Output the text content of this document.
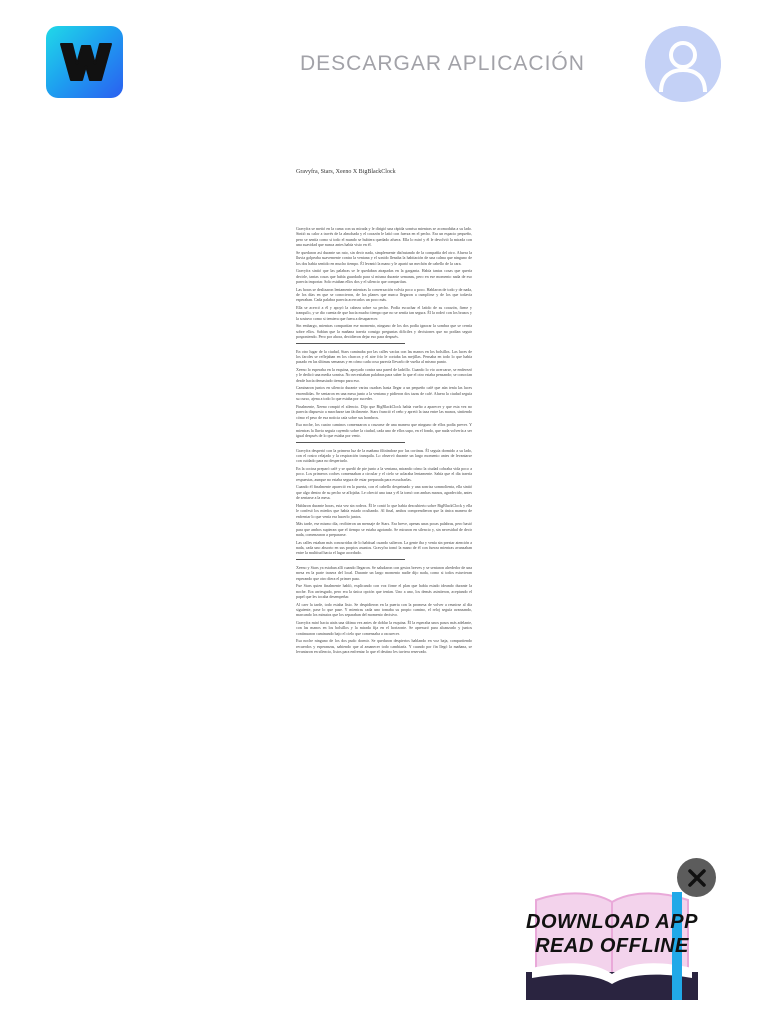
DESCARGAR APLICACIÓN
Gravyfra, Stars, Xeeno X BigBlackClock

Gravyfra se metió en la cama con su mirada y le dirigió una rápida sonrisa mientras se acomodaba a su lado. Sintió su calor a través de la almohada y el corazón le latió con fuerza en el pecho. Era un espacio pequeño, pero se sentía como si todo el mundo se hubiera quedado afuera. Ella lo miró y él le devolvió la mirada con una suavidad que nunca antes había visto en él.

Se quedaron así durante un rato, sin decir nada, simplemente disfrutando de la compañía del otro. Afuera la lluvia golpeaba suavemente contra la ventana y el sonido llenaba la habitación de una calma que ninguno de los dos había sentido en mucho tiempo. Él levantó la mano y le apartó un mechón de cabello de la cara.

Gravyfra sintió que las palabras se le quedaban atrapadas en la garganta. Había tantas cosas que quería decirle, tantas cosas que había guardado para sí misma durante semanas, pero en ese momento nada de eso parecía importar. Solo estaban ellos dos y el silencio que compartían.

Las horas se deslizaron lentamente mientras la conversación volvía poco a poco. Hablaron de todo y de nada, de los días en que se conocieron, de los planes que nunca llegaron a cumplirse y de los que todavía esperaban. Cada palabra parecía acercarlos un poco más.

Ella se acercó a él y apoyó la cabeza sobre su pecho. Podía escuchar el latido de su corazón, firme y tranquilo, y se dio cuenta de que hacía mucho tiempo que no se sentía tan segura. Él la rodeó con los brazos y la sostuvo como si temiera que fuera a desaparecer.

Sin embargo, mientras compartían ese momento, ninguno de los dos podía ignorar la sombra que se cernía sobre ellos. Sabían que la mañana traería consigo preguntas difíciles y decisiones que no podían seguir posponiendo. Pero por ahora, decidieron dejar eso para después.

En otro lugar de la ciudad, Stars caminaba por las calles vacías con las manos en los bolsillos. Las luces de los faroles se reflejaban en los charcos y el aire frío le cortaba las mejillas. Pensaba en todo lo que había pasado en las últimas semanas y en cómo cada cosa parecía llevarlo de vuelta al mismo punto.

Xeeno lo esperaba en la esquina, apoyado contra una pared de ladrillo. Cuando lo vio acercarse, se enderezó y le dedicó una media sonrisa. No necesitaban palabras para saber lo que el otro estaba pensando; se conocían desde hacía demasiado tiempo para eso.

Caminaron juntos en silencio durante varias cuadras hasta llegar a un pequeño café que aún tenía las luces encendidas. Se sentaron en una mesa junto a la ventana y pidieron dos tazas de café. Afuera la ciudad seguía su curso, ajena a todo lo que estaba por suceder.

Finalmente, Xeeno rompió el silencio. Dijo que BigBlackClock había vuelto a aparecer y que esta vez no parecía dispuesto a marcharse tan fácilmente. Stars frunció el ceño y apretó la taza entre las manos, sintiendo cómo el peso de esa noticia caía sobre sus hombros.

Esa noche, los cuatro caminos comenzaron a cruzarse de una manera que ninguno de ellos podía prever. Y mientras la lluvia seguía cayendo sobre la ciudad, cada uno de ellos supo, en el fondo, que nada volvería a ser igual después de lo que estaba por venir.

Gravyfra despertó con la primera luz de la mañana filtrándose por las cortinas. Él seguía dormido a su lado, con el rostro relajado y la respiración tranquila. Lo observó durante un largo momento antes de levantarse con cuidado para no despertarlo.

En la cocina preparó café y se quedó de pie junto a la ventana, mirando cómo la ciudad cobraba vida poco a poco. Los primeros coches comenzaban a circular y el cielo se aclaraba lentamente. Sabía que el día traería respuestas, aunque no estaba segura de estar preparada para escucharlas.

Cuando él finalmente apareció en la puerta, con el cabello despeinado y una sonrisa somnolienta, ella sintió que algo dentro de su pecho se aflojaba. Le ofreció una taza y él la tomó con ambas manos, agradecido, antes de sentarse a la mesa.

Hablaron durante horas, esta vez sin rodeos. Él le contó lo que había descubierto sobre BigBlackClock y ella le confesó los miedos que había estado ocultando. Al final, ambos comprendieron que la única manera de enfrentar lo que venía era hacerlo juntos.

Más tarde, ese mismo día, recibieron un mensaje de Stars. Era breve, apenas unas pocas palabras, pero bastó para que ambos supieran que el tiempo se estaba agotando. Se miraron en silencio y, sin necesidad de decir nada, comenzaron a prepararse.

Las calles estaban más concurridas de lo habitual cuando salieron. La gente iba y venía sin prestar atención a nada, cada uno absorto en sus propios asuntos. Gravyfra tomó la mano de él con fuerza mientras avanzaban entre la multitud hacia el lugar acordado.

Xeeno y Stars ya estaban allí cuando llegaron. Se saludaron con gestos breves y se sentaron alrededor de una mesa en la parte trasera del local. Durante un largo momento nadie dijo nada, como si todos estuvieran esperando que otro diera el primer paso.

Fue Stars quien finalmente habló, explicando con voz firme el plan que había estado ideando durante la noche. Era arriesgado, pero era la única opción que tenían. Uno a uno, los demás asintieron, aceptando el papel que les tocaba desempeñar.

Al caer la tarde, todo estaba listo. Se despidieron en la puerta con la promesa de volver a reunirse al día siguiente, pase lo que pase. Y mientras cada uno tomaba su propio camino, el reloj seguía avanzando, marcando los minutos que los separaban del momento decisivo.

Gravyfra miró hacia atrás una última vez antes de doblar la esquina. Él la esperaba unos pasos más adelante, con las manos en los bolsillos y la mirada fija en el horizonte. Se apresuró para alcanzarlo y juntos continuaron caminando bajo el cielo que comenzaba a oscurecer.

Esa noche ninguno de los dos pudo dormir. Se quedaron despiertos hablando en voz baja, compartiendo recuerdos y esperanzas, sabiendo que al amanecer todo cambiaría. Y cuando por fin llegó la mañana, se levantaron en silencio, listos para enfrentar lo que el destino les tuviera reservado.

DOWNLOAD APP
READ OFFLINE
